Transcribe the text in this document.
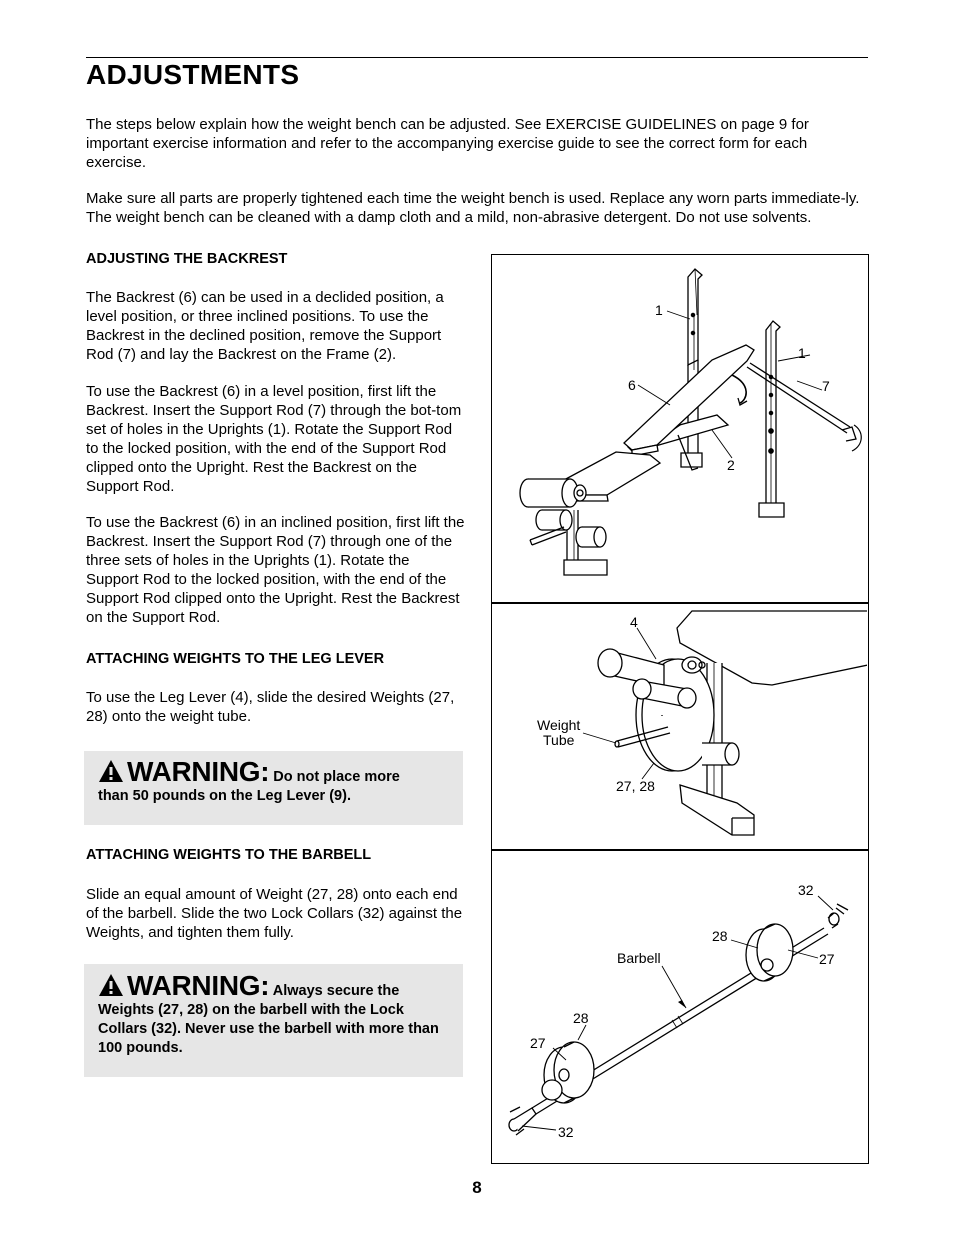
ADJUSTMENTS
The steps below explain how the weight bench can be adjusted. See EXERCISE GUIDELINES on page 9 for important exercise information and refer to the accompanying exercise guide to see the correct form for each exercise.
Make sure all parts are properly tightened each time the weight bench is used. Replace any worn parts immediate-ly. The weight bench can be cleaned with a damp cloth and a mild, non-abrasive detergent. Do not use solvents.
ADJUSTING THE BACKREST
The Backrest (6) can be used in a declided position, a level position, or three inclined positions. To use the Backrest in the declined position, remove the Support Rod (7) and lay the Backrest on the Frame (2).
To use the Backrest (6) in a level position, first lift the Backrest. Insert the Support Rod (7) through the bot-tom set of holes in the Uprights (1). Rotate the Support Rod to the locked position, with the end of the Support Rod clipped onto the Upright. Rest the Backrest on the Support Rod.
To use the Backrest (6) in an inclined position, first lift the Backrest. Insert the Support Rod (7) through one of the three sets of holes in the Uprights (1). Rotate the Support Rod to the locked position, with the end of the Support Rod clipped onto the Upright. Rest the Backrest on the Support Rod.
ATTACHING WEIGHTS TO THE LEG LEVER
To use the Leg Lever (4), slide the desired Weights (27, 28) onto the weight tube.
WARNING: Do not place more
than 50 pounds on the Leg Lever (9).
ATTACHING WEIGHTS TO THE BARBELL
Slide an equal amount of Weight (27, 28) onto each end of the barbell. Slide the two Lock Collars (32) against the Weights, and tighten them fully.
WARNING: Always secure the
Weights (27, 28) on the barbell with the Lock Collars (32). Never use the barbell with more than 100 pounds.
1
1
6	7
2
4
Weight
Tube
27, 28
32
28
27
Barbell
28
27
32
8
